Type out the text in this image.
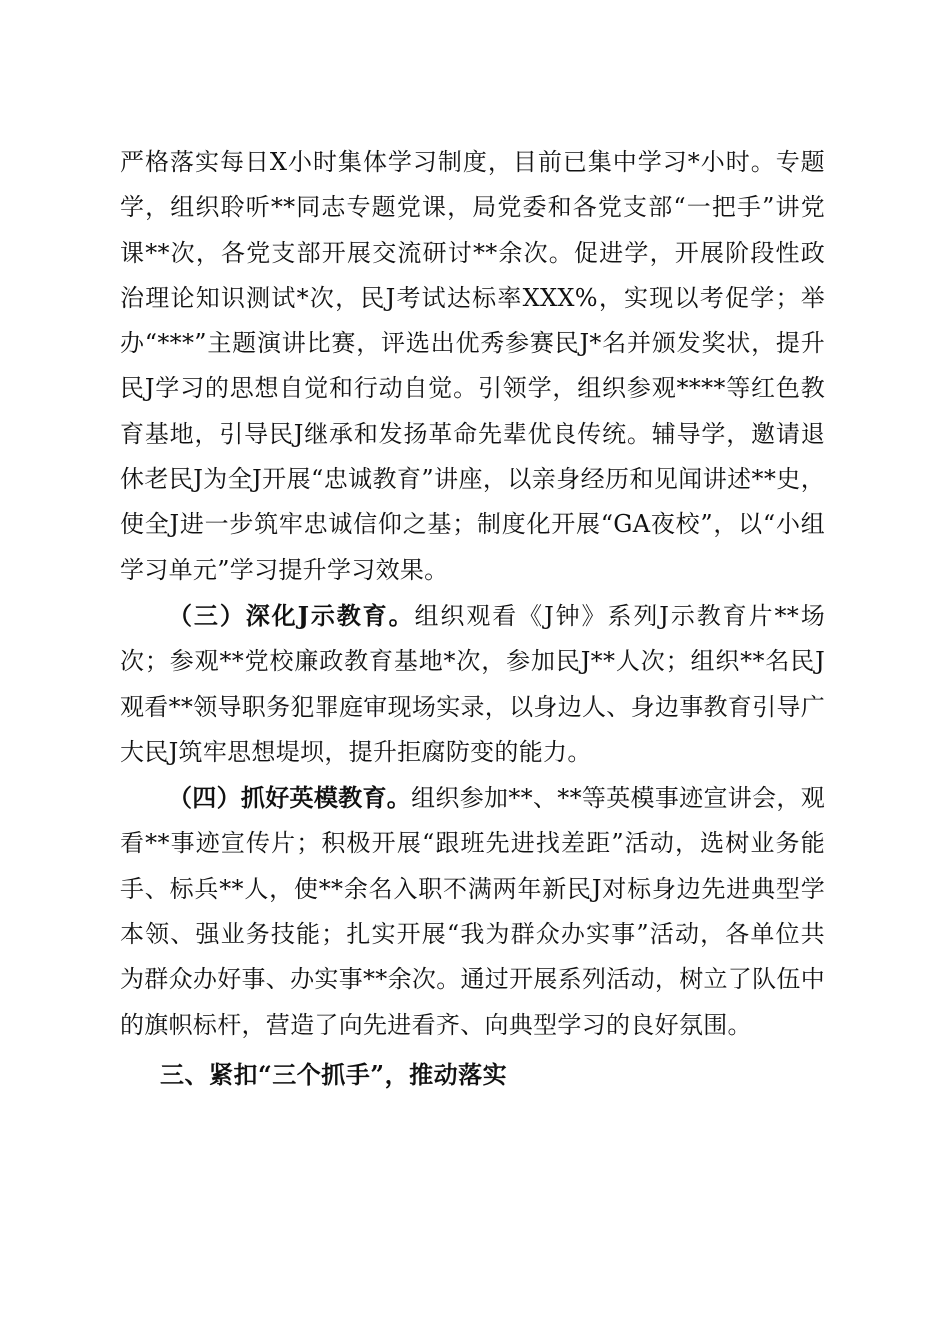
严格落实每日X小时集体学习制度，目前已集中学习*小时。专题学，组织聆听**同志专题党课，局党委和各党支部“一把手”讲党课**次，各党支部开展交流研讨**余次。促进学，开展阶段性政治理论知识测试*次，民J考试达标率XXX%，实现以考促学；举办“***”主题演讲比赛，评选出优秀参赛民J*名并颁发奖状，提升民J学习的思想自觉和行动自觉。引领学，组织参观****等红色教育基地，引导民J继承和发扬革命先辈优良传统。辅导学，邀请退休老民J为全J开展“忠诚教育”讲座，以亲身经历和见闻讲述**史，使全J进一步筑牢忠诚信仰之基；制度化开展“GA夜校”，以“小组学习单元”学习提升学习效果。

（三）深化J示教育。组织观看《J钟》系列J示教育片**场次；参观**党校廉政教育基地*次，参加民J**人次；组织**名民J观看**领导职务犯罪庭审现场实录，以身边人、身边事教育引导广大民J筑牢思想堤坝，提升拒腐防变的能力。

（四）抓好英模教育。组织参加**、**等英模事迹宣讲会，观看**事迹宣传片；积极开展“跟班先进找差距”活动，选树业务能手、标兵**人，使**余名入职不满两年新民J对标身边先进典型学本领、强业务技能；扎实开展“我为群众办实事”活动，各单位共为群众办好事、办实事**余次。通过开展系列活动，树立了队伍中的旗帜标杆，营造了向先进看齐、向典型学习的良好氛围。

三、紧扣“三个抓手”，推动落实
